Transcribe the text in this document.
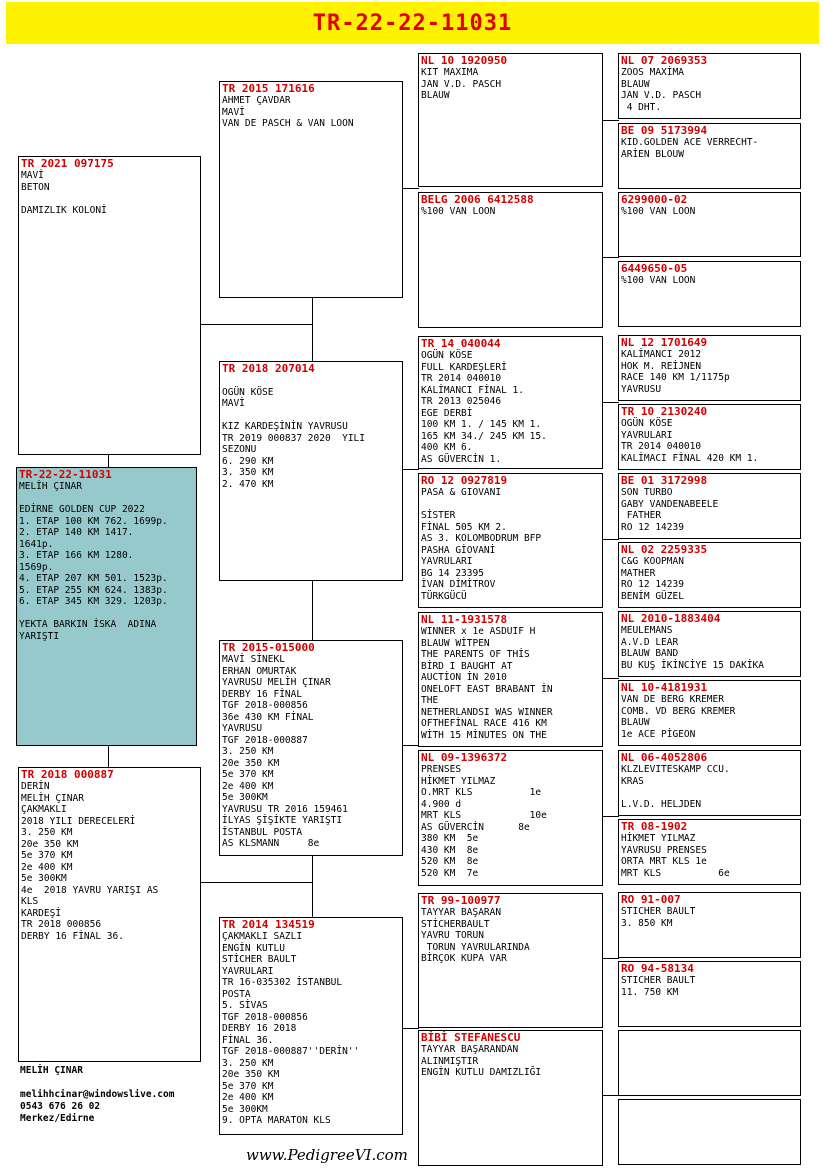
TR-22-22-11031
TR-22-22-11031
MELİH ÇINAR

EDİRNE GOLDEN CUP 2022
1. ETAP 100 KM 762. 1699p.
2. ETAP 140 KM 1417.
1641p.
3. ETAP 166 KM 1280.
1569p.
4. ETAP 207 KM 501. 1523p.
5. ETAP 255 KM 624. 1383p.
6. ETAP 345 KM 329. 1203p.

YEKTA BARKIN İSKA  ADINA
YARIŞTI
TR 2021 097175
MAVİ
BETON

DAMIZLIK KOLONİ
TR 2018 000887
DERİN
MELİH ÇINAR
ÇAKMAKLI
2018 YILI DERECELERİ
3. 250 KM
20e 350 KM
5e 370 KM
2e 400 KM
5e 300KM
4e  2018 YAVRU YARIŞI AS
KLS
KARDEŞİ
TR 2018 000856
DERBY 16 FİNAL 36.
TR 2015 171616
AHMET ÇAVDAR
MAVİ
VAN DE PASCH & VAN LOON
TR 2018 207014

OGÜN KÖSE
MAVİ

KIZ KARDEŞİNİN YAVRUSU
TR 2019 000837 2020  YILI
SEZONU
6. 290 KM
3. 350 KM
2. 470 KM
TR 2015-015000
MAVİ SİNEKL
ERHAN OMURTAK
YAVRUSU MELİH ÇINAR
DERBY 16 FİNAL
TGF 2018-000856
36e 430 KM FİNAL
YAVRUSU
TGF 2018-000887
3. 250 KM
20e 350 KM
5e 370 KM
2e 400 KM
5e 300KM
YAVRUSU TR 2016 159461
İLYAS ŞİŞİKTE YARIŞTI
İSTANBUL POSTA
AS KLSMANN     8e
TR 2014 134519
ÇAKMAKLI SAZLI
ENGİN KUTLU
STİCHER BAULT
YAVRULARI
TR 16-035302 İSTANBUL
POSTA
5. SİVAS
TGF 2018-000856
DERBY 16 2018
FİNAL 36.
TGF 2018-000887''DERİN''
3. 250 KM
20e 350 KM
5e 370 KM
2e 400 KM
5e 300KM
9. OPTA MARATON KLS
NL 10 1920950
KIT MAXIMA
JAN V.D. PASCH
BLAUW
BELG 2006 6412588
%100 VAN LOON
TR 14 040044
OGÜN KÖSE
FULL KARDEŞLERİ
TR 2014 040010
KALİMANCI FİNAL 1.
TR 2013 025046
EGE DERBİ
100 KM 1. / 145 KM 1.
165 KM 34./ 245 KM 15.
400 KM 6.
AS GÜVERCİN 1.
RO 12 0927819
PASA & GIOVANI

SİSTER
FİNAL 505 KM 2.
AS 3. KOLOMBODRUM BFP
PASHA GİOVANİ
YAVRULARI
BG 14 23395
İVAN DİMİTROV
TÜRKGÜCÜ
NL 11-1931578
WINNER x 1e ASDUIF H
BLAUW WİTPEN
THE PARENTS OF THİS
BİRD I BAUGHT AT
AUCTİON İN 2010
ONELOFT EAST BRABANT İN
THE
NETHERLANDSI WAS WINNER
OFTHEFİNAL RACE 416 KM
WİTH 15 MİNUTES ON THE
NL 09-1396372
PRENSES
HİKMET YILMAZ
O.MRT KLS          1e
4.900 d
MRT KLS            10e
AS GÜVERCİN      8e
380 KM  5e
430 KM  8e
520 KM  8e
520 KM  7e
TR 99-100977
TAYYAR BAŞARAN
STİCHERBAULT
YAVRU TORUN
TORUN YAVRULARINDA
BİRÇOK KUPA VAR
BİBİ STEFANESCU
TAYYAR BAŞARANDAN
ALINMIŞTIR
ENGİN KUTLU DAMIZLIĞI
NL 07 2069353
ZOOS MAXİMA
BLAUW
JAN V.D. PASCH
4 DHT.
BE 09 5173994
KID.GOLDEN ACE VERRECHT-
ARİEN BLOUW
6299000-02
%100 VAN LOON
6449650-05
%100 VAN LOON
NL 12 1701649
KALİMANCI 2012
HOK M. REİJNEN
RACE 140 KM 1/1175p
YAVRUSU
TR 10 2130240
OGÜN KÖSE
YAVRULARI
TR 2014 040010
KALİMACI FİNAL 420 KM 1.
BE 01 3172998
SON TURBO
GABY VANDENABEELE
FATHER
RO 12 14239
NL 02 2259335
C&G KOOPMAN
MATHER
RO 12 14239
BENİM GÜZEL
NL 2010-1883404
MEULEMANS
A.V.D LEAR
BLAUW BAND
BU KUŞ İKİNCİYE 15 DAKİKA
NL 10-4181931
VAN DE BERG KREMER
COMB. VD BERG KREMER
BLAUW
1e ACE PİGEON
NL 06-4052806
KLZLEVITESKAMP CCU.
KRAS

L.V.D. HELJDEN
TR 08-1902
HİKMET YILMAZ
YAVRUSU PRENSES
ORTA MRT KLS 1e
MRT KLS          6e
RO 91-007
STICHER BAULT
3. 850 KM
RO 94-58134
STICHER BAULT
11. 750 KM
MELİH ÇINAR

melihhcinar@windowslive.com
0543 676 26 02
Merkez/Edirne
www.PedigreeVI.com
